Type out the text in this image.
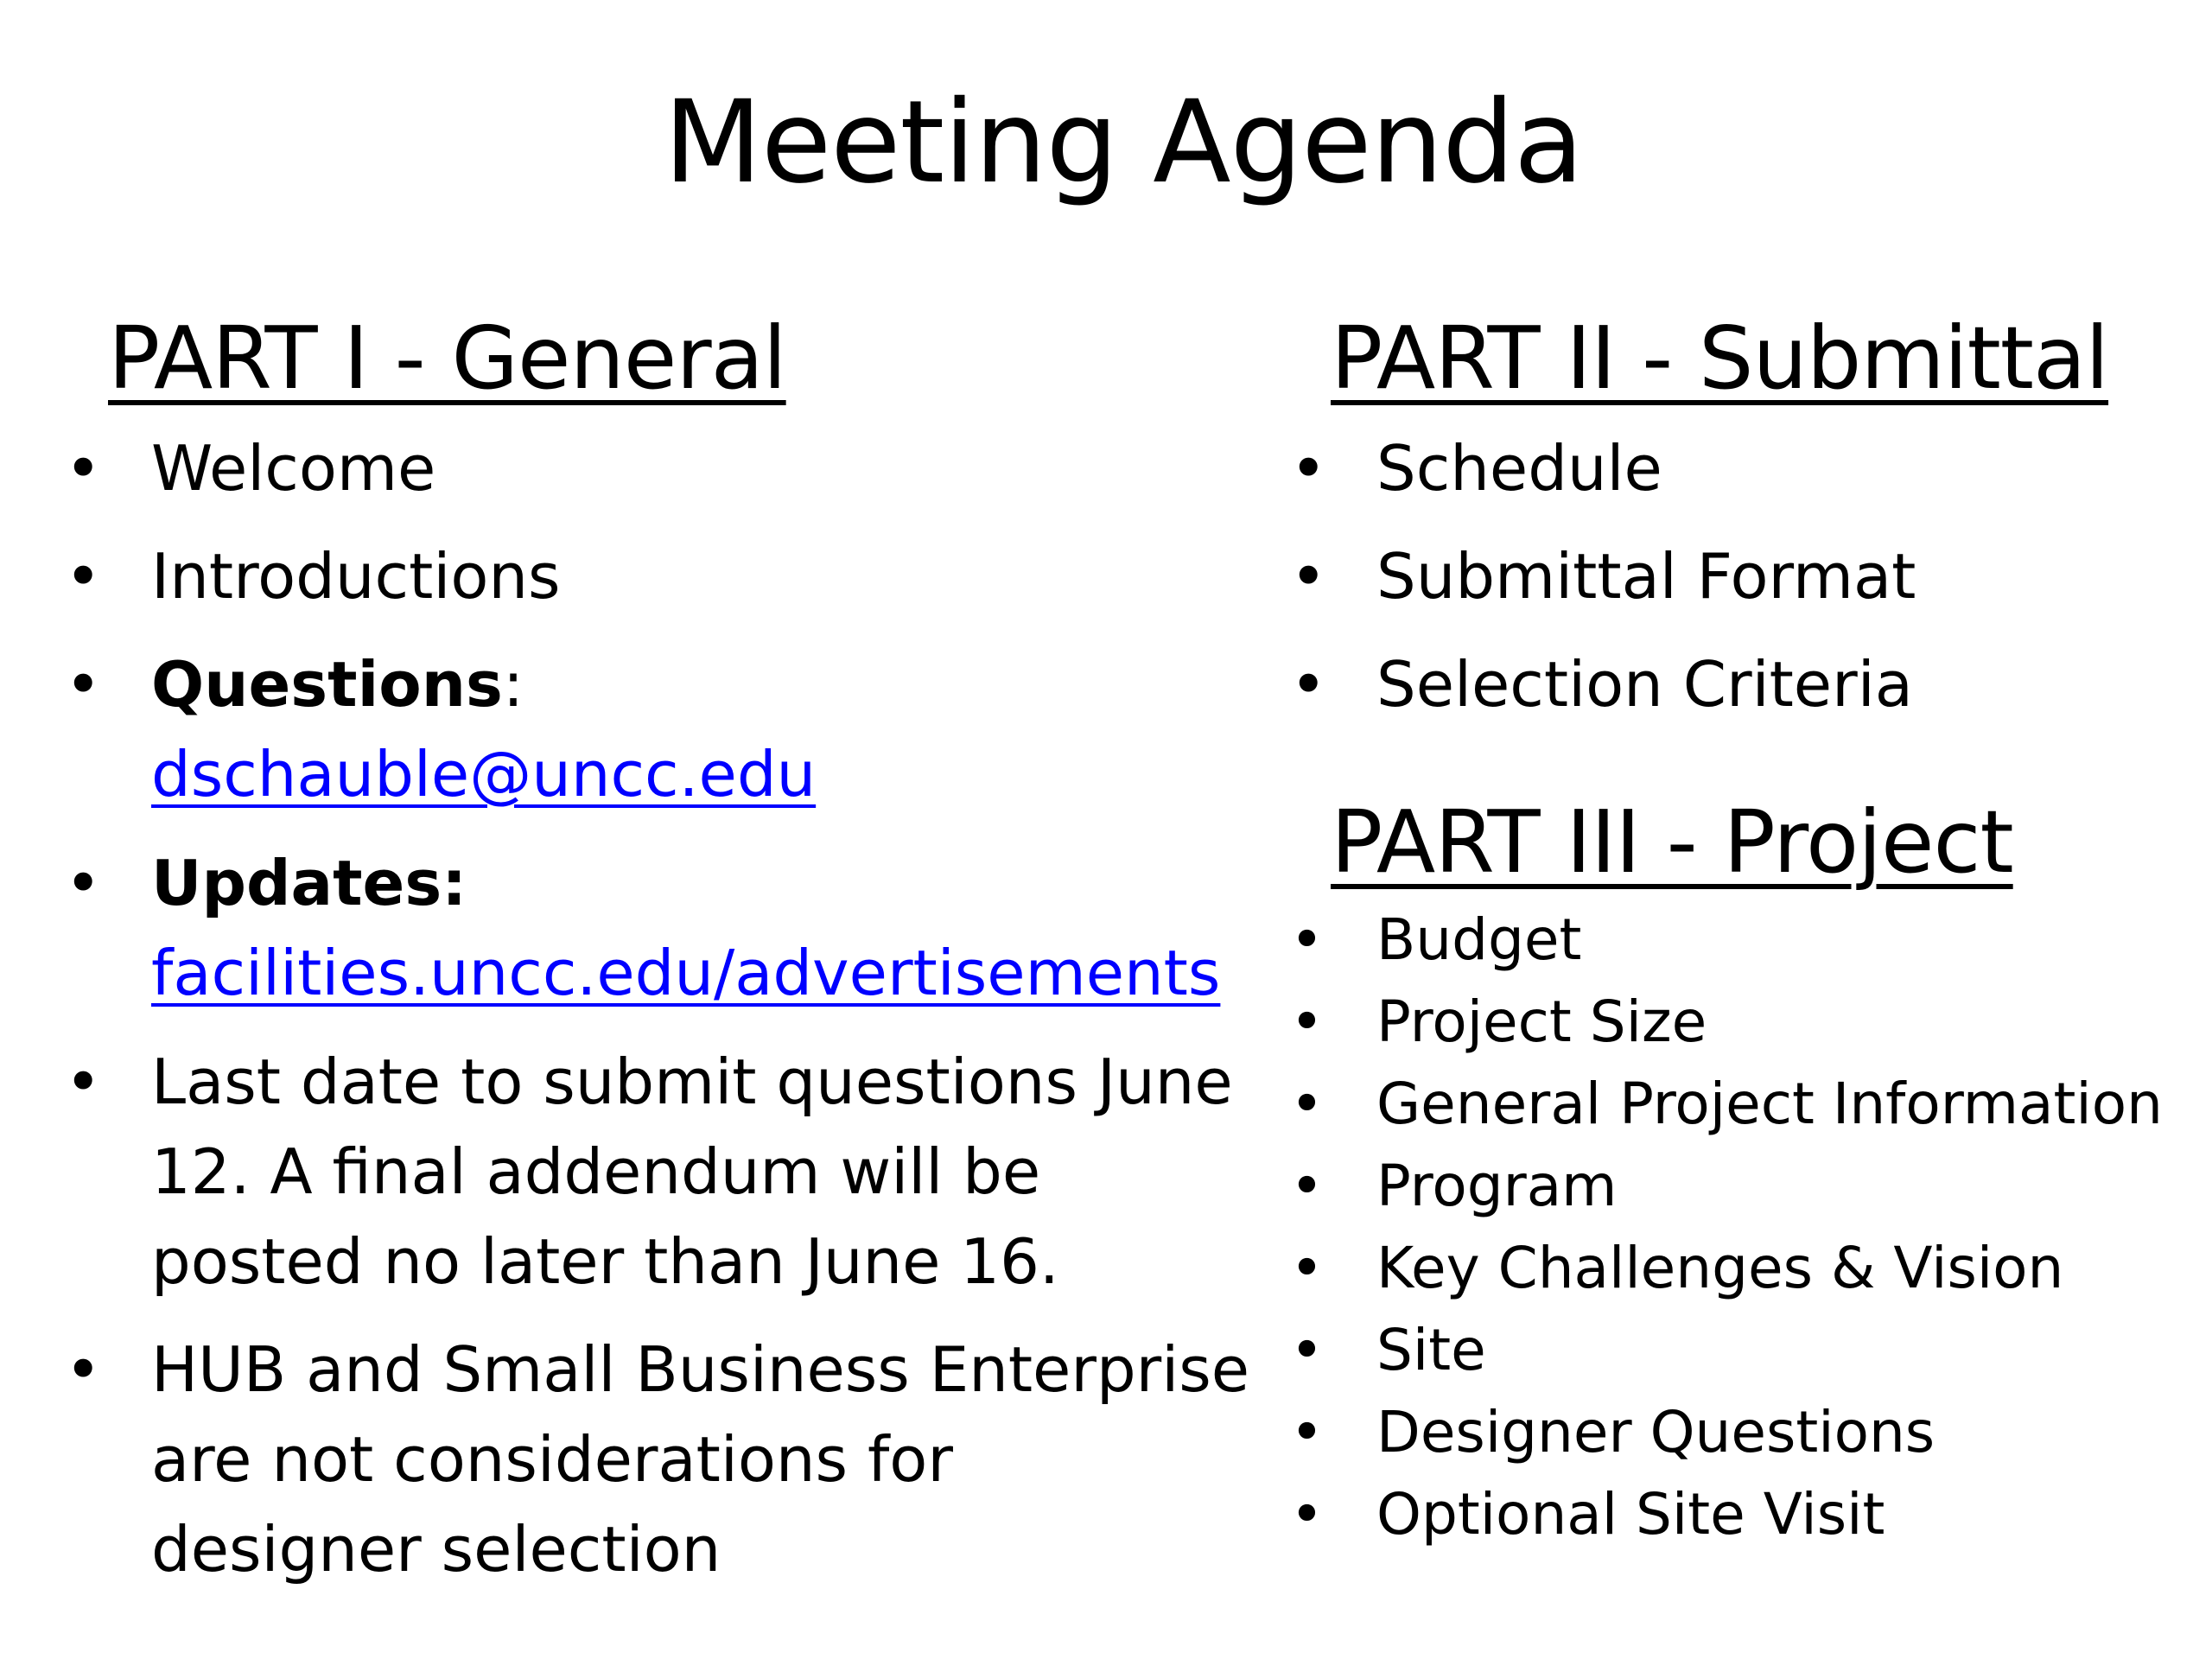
Meeting Agenda
PART I - General
• Welcome
• Introductions
• Questions:
dschauble@uncc.edu
• Updates:
facilities.uncc.edu/advertisements
• Last date to submit questions June
12. A final addendum will be
posted no later than June 16.
• HUB and Small Business Enterprise
are not considerations for
designer selection
PART II - Submittal
• Schedule
• Submittal Format
• Selection Criteria
PART III - Project
• Budget
• Project Size
• General Project Information
• Program
• Key Challenges & Vision
• Site
• Designer Questions
• Optional Site Visit
